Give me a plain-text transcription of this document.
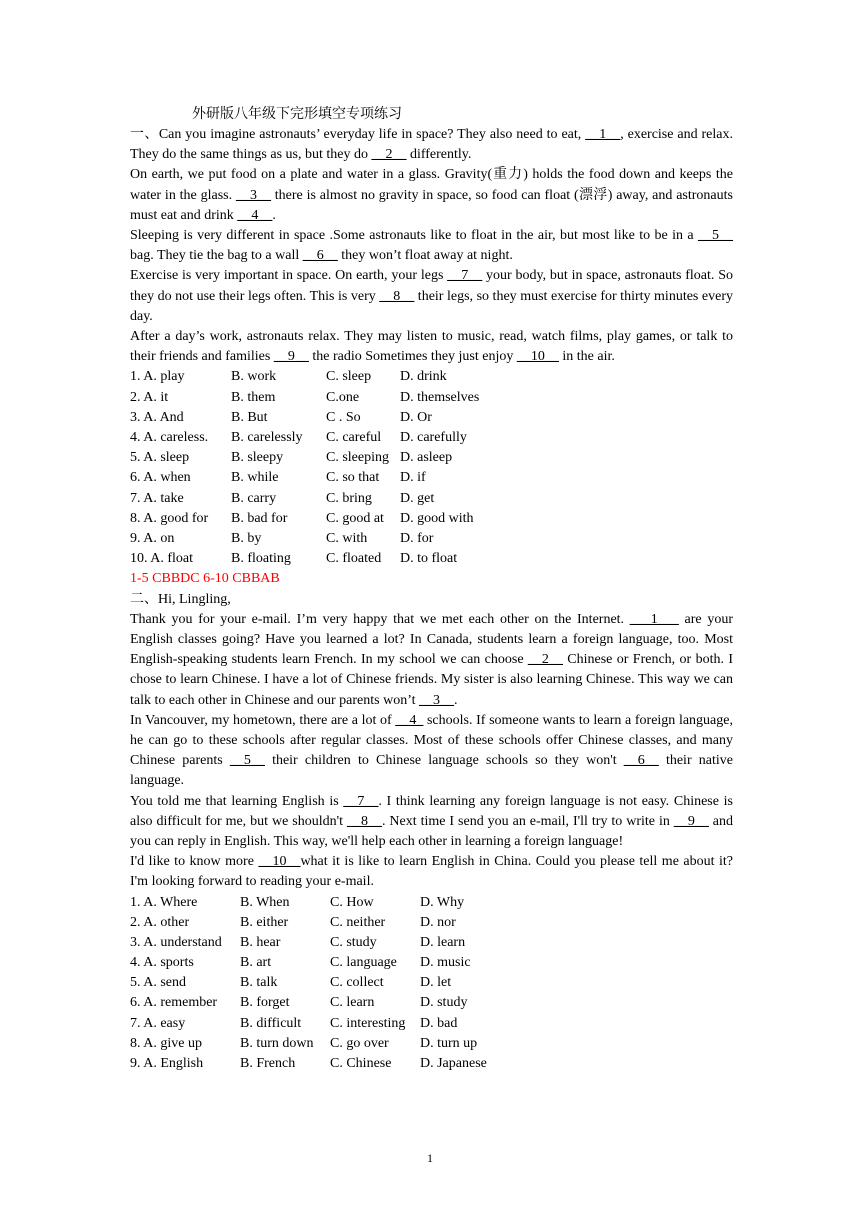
外研版八年级下完形填空专项练习

一、Can you imagine astronauts’ everyday life in space? They also need to eat, __1__, exercise and relax. They do the same things as us, but they do __2__ differently.

On earth, we put food on a plate and water in a glass. Gravity(重力) holds the food down and keeps the water in the glass. __3__ there is almost no gravity in space, so food can float (漂浮) away, and astronauts must eat and drink __4__.

Sleeping is very different in space .Some astronauts like to float in the air, but most like to be in a __5__ bag. They tie the bag to a wall __6__ they won’t float away at night.

Exercise is very important in space. On earth, your legs __7__ your body, but in space, astronauts float. So they do not use their legs often. This is very __8__ their legs, so they must exercise for thirty minutes every day.

After a day’s work, astronauts relax. They may listen to music, read, watch films, play games, or talk to their friends and families __9__ the radio Sometimes they just enjoy __10__ in the air.

1. A. play	B. work	C. sleep D. drink
2. A. it	B. them	C.one	D. themselves
3. A. And	B. But	C . So	D. Or
4. A. careless. B. carelessly C. careful D. carefully
5. A. sleep	B. sleepy	C. sleeping D. asleep
6. A. when	B. while	C. so that D. if
7. A. take	B. carry	C. bring D. get
8. A. good for B. bad for	C. good at D. good with
9. A. on	B. by	C. with D. for
10. A. float	B. floating	C. floated D. to float
1-5 CBBDC 6-10 CBBAB

二、Hi, Lingling,

Thank you for your e-mail. I’m very happy that we met each other on the Internet. ___1___ are your English classes going? Have you learned a lot? In Canada, students learn a foreign language, too. Most English-speaking students learn French. In my school we can choose __2__ Chinese or French, or both. I chose to learn Chinese. I have a lot of Chinese friends. My sister is also learning Chinese. This way we can talk to each other in Chinese and our parents won’t __3__.

In Vancouver, my hometown, there are a lot of __4_ schools. If someone wants to learn a foreign language, he can go to these schools after regular classes. Most of these schools offer Chinese classes, and many Chinese parents __5__ their children to Chinese language schools so they won't __6__ their native language.

You told me that learning English is __7__. I think learning any foreign language is not easy. Chinese is also difficult for me, but we shouldn't __8__. Next time I send you an e-mail, I'll try to write in __9__ and you can reply in English. This way, we'll help each other in learning a foreign language!

I'd like to know more __10__what it is like to learn English in China. Could you please tell me about it? I'm looking forward to reading your e-mail.

1. A. Where	B. When	C. How	D. Why
2. A. other	B. either	C. neither D. nor
3. A. understand B. hear	C. study	D. learn
4. A. sports	B. art	C. language D. music
5. A. send	B. talk	C. collect	D. let
6. A. remember B. forget	C. learn	D. study
7. A. easy	B. difficult C. interesting D. bad
8. A. give up	B. turn down C. go over D. turn up
9. A. English	B. French C. Chinese D. Japanese
1
